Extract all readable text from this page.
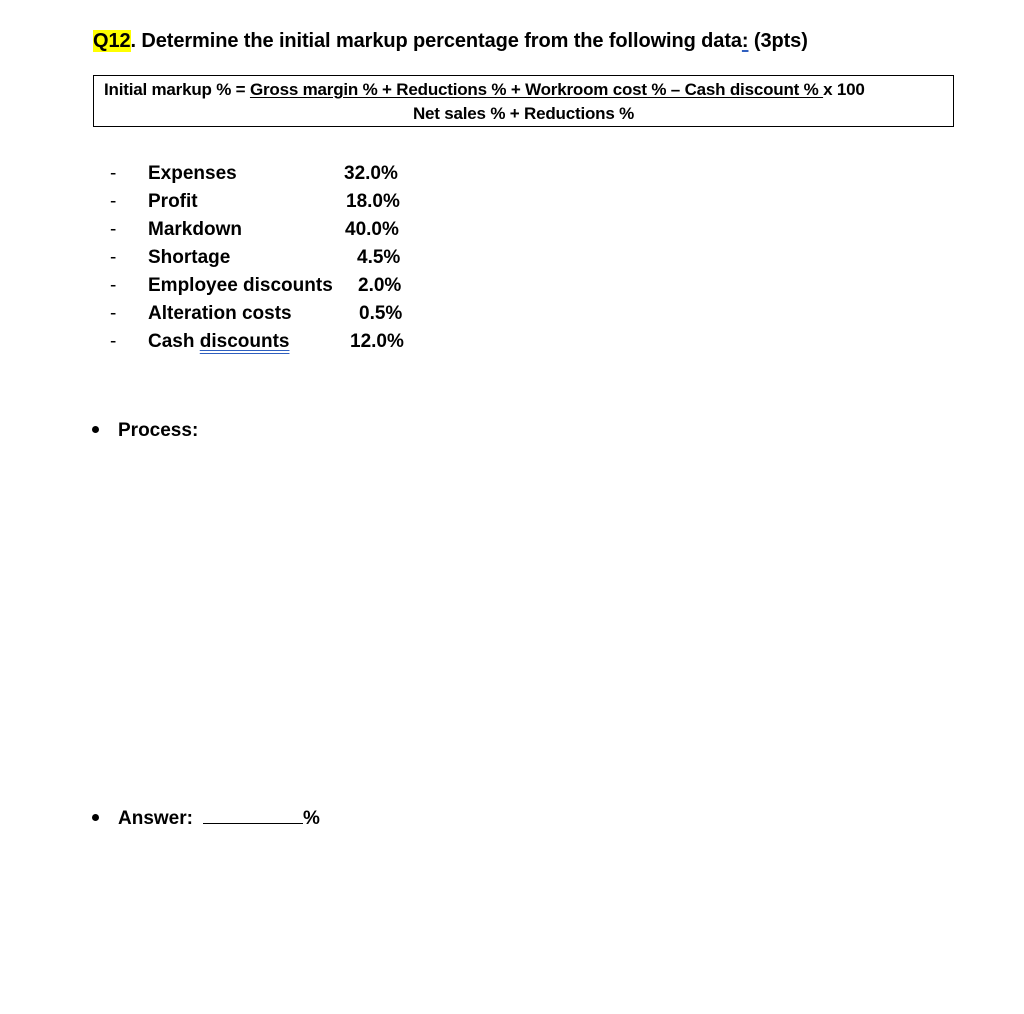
Q12. Determine the initial markup percentage from the following data: (3pts)
Initial markup % = Gross margin % + Reductions % + Workroom cost % – Cash discount % x 100
Net sales % + Reductions %
- Expenses	32.0%
- Profit	18.0%
- Markdown	40.0%
- Shortage	4.5%
- Employee discounts 2.0%
- Alteration costs	0.5%
- Cash discounts	12.0%
Process:
Answer:	%
